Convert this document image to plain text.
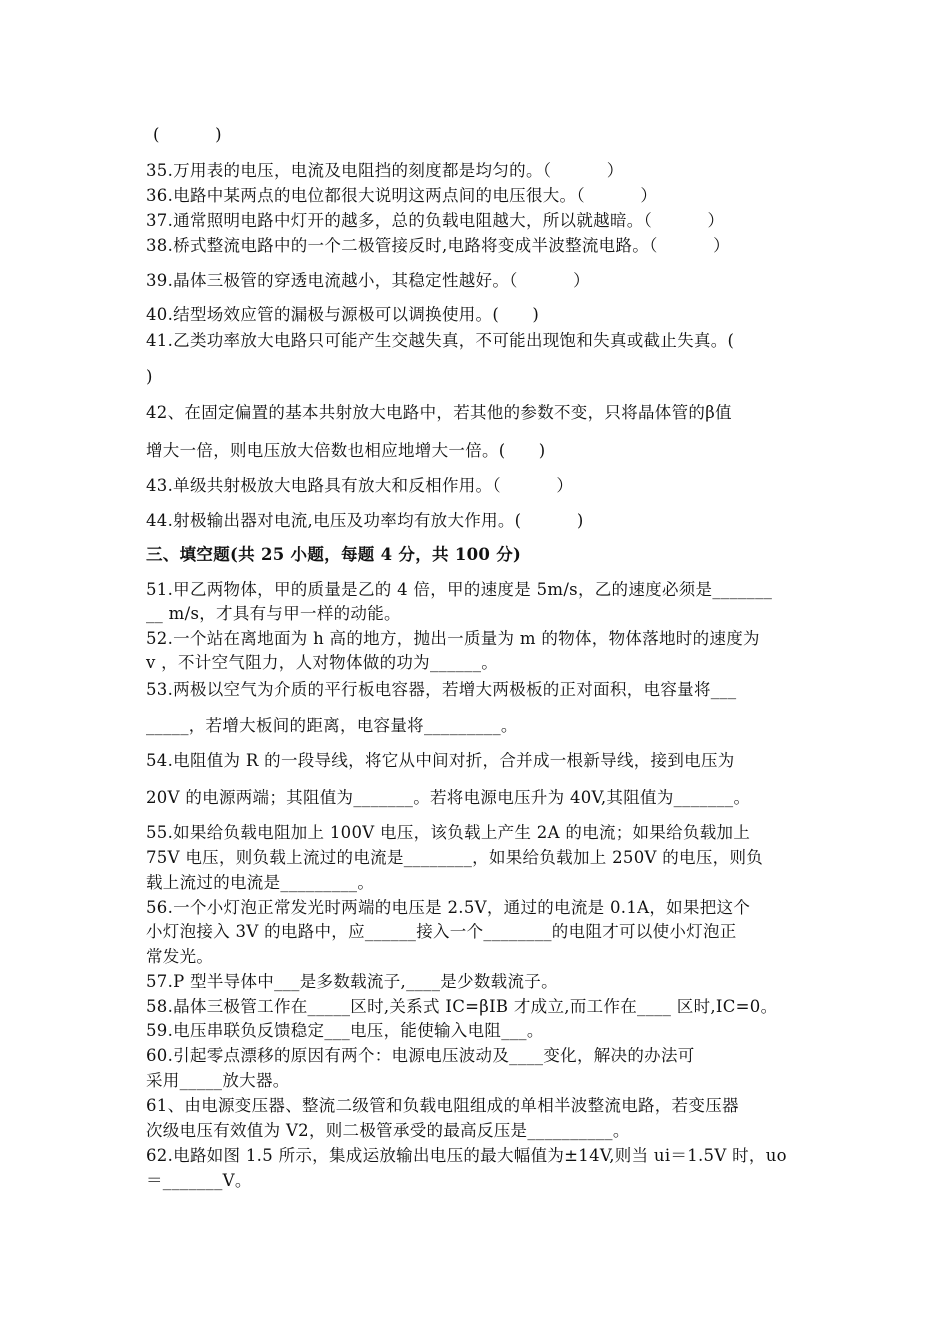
(          )
35.万用表的电压，电流及电阻挡的刻度都是均匀的。（          ）
36.电路中某两点的电位都很大说明这两点间的电压很大。（          ）
37.通常照明电路中灯开的越多，总的负载电阻越大，所以就越暗。（          ）
38.桥式整流电路中的一个二极管接反时,电路将变成半波整流电路。（          ）
39.晶体三极管的穿透电流越小，其稳定性越好。（          ）
40.结型场效应管的漏极与源极可以调换使用。(      )
41.乙类功率放大电路只可能产生交越失真，不可能出现饱和失真或截止失真。(
)
42、在固定偏置的基本共射放大电路中，若其他的参数不变，只将晶体管的β值
增大一倍，则电压放大倍数也相应地增大一倍。(      )
43.单级共射极放大电路具有放大和反相作用。（          ）
44.射极输出器对电流,电压及功率均有放大作用。(          )
三、填空题(共 25 小题，每题 4 分，共 100 分)
51.甲乙两物体，甲的质量是乙的 4 倍，甲的速度是 5m/s，乙的速度必须是_______
__ m/s，才具有与甲一样的动能。
52.一个站在离地面为 h 高的地方，抛出一质量为 m 的物体，物体落地时的速度为
v ，不计空气阻力，人对物体做的功为______。
53.两极以空气为介质的平行板电容器，若增大两极板的正对面积，电容量将___
_____，若增大板间的距离，电容量将_________。
54.电阻值为 R 的一段导线，将它从中间对折，合并成一根新导线，接到电压为
20V 的电源两端；其阻值为_______。若将电源电压升为 40V,其阻值为_______。
55.如果给负载电阻加上 100V 电压，该负载上产生 2A 的电流；如果给负载加上
75V 电压，则负载上流过的电流是________，如果给负载加上 250V 的电压，则负
载上流过的电流是_________。
56.一个小灯泡正常发光时两端的电压是 2.5V，通过的电流是 0.1A，如果把这个
小灯泡接入 3V 的电路中，应______接入一个________的电阻才可以使小灯泡正
常发光。
57.P 型半导体中___是多数载流子,____是少数载流子。
58.晶体三极管工作在_____区时,关系式 IC=βIB 才成立,而工作在____ 区时,IC=0。
59.电压串联负反馈稳定___电压，能使输入电阻___。
60.引起零点漂移的原因有两个：电源电压波动及____变化，解决的办法可
采用_____放大器。
61、由电源变压器、整流二级管和负载电阻组成的单相半波整流电路，若变压器
次级电压有效值为 V2，则二极管承受的最高反压是__________。
62.电路如图 1.5 所示，集成运放输出电压的最大幅值为±14V,则当 ui＝1.5V 时，uo
＝_______V。
